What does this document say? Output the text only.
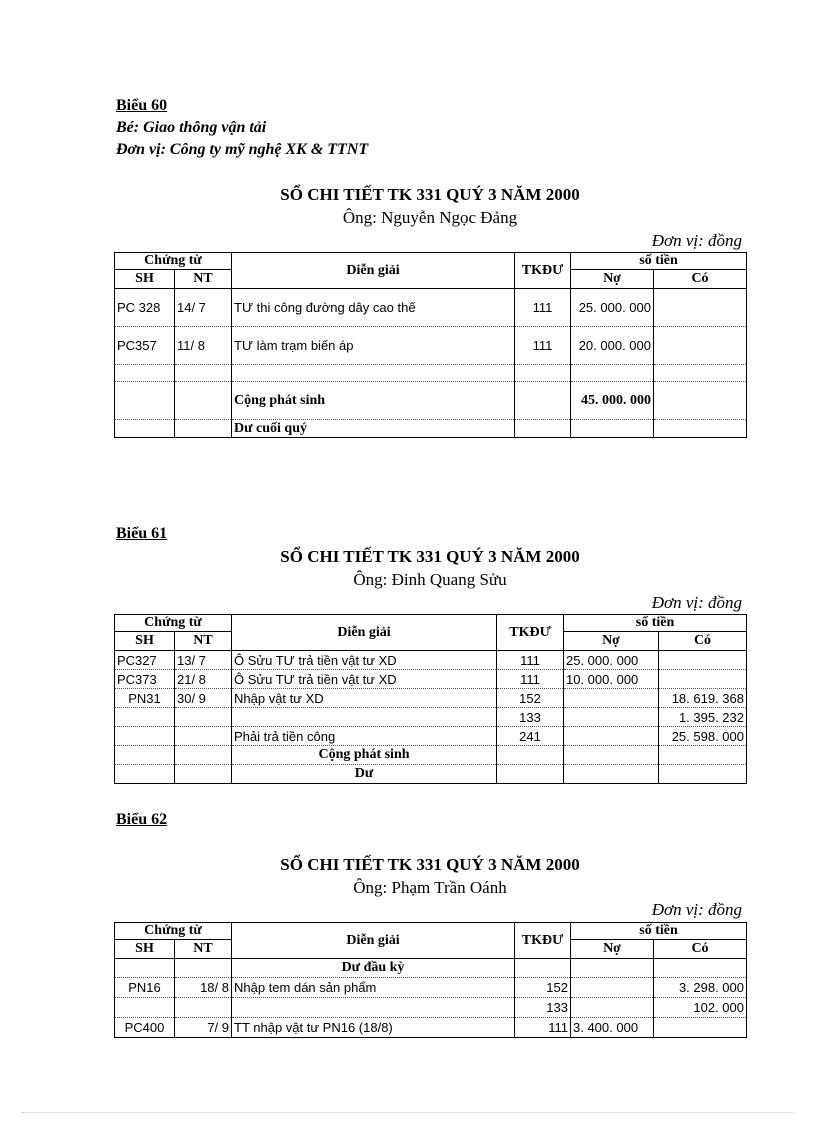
Biểu 60
Bé: Giao thông vận tải
Đơn vị: Công ty mỹ nghệ XK & TTNT
SỔ CHI TIẾT TK 331 QUÝ 3 NĂM 2000
Ông: Nguyễn Ngọc Đảng
Đơn vị: đồng
Chứng từ		Diễn giải	TKĐƯ	số tiền	
SH	NT			Nợ	Có
PC 328	14/ 7	TƯ thi công đường dây cao thế	111	25. 000. 000	
PC357	11/ 8	TƯ làm trạm biến áp	111	20. 000. 000	

		Cộng phát sinh		45. 000. 000	
		Dư cuối quý			
Biểu 61
SỔ CHI TIẾT TK 331 QUÝ 3 NĂM 2000
Ông: Đinh Quang Sửu
Đơn vị: đồng
Chứng từ		Diễn giải	TKĐƯ	số tiền	
SH	NT			Nợ	Có
PC327	13/ 7	Ô Sửu TƯ trả tiền vật tư XD	111	25. 000. 000	
PC373	21/ 8	Ô Sửu TƯ trả tiền vật tư XD	111	10. 000. 000	
PN31	30/ 9	Nhập vật tư XD	152		18. 619. 368
			133		1. 395. 232
		Phải trả tiền công	241		25. 598. 000
		Cộng phát sinh			
		Dư			
Biểu 62
SỔ CHI TIẾT TK 331 QUÝ 3 NĂM 2000
Ông: Phạm Trần Oánh
Đơn vị: đồng
Chứng từ		Diễn giải	TKĐƯ	số tiền	
SH	NT			Nợ	Có
		Dư đầu kỳ			
PN16	18/ 8	Nhập tem dán sản phẩm	152		3. 298. 000
			133		102. 000
PC400	7/ 9	TT nhập vật tư PN16 (18/8)	111	3. 400. 000	
